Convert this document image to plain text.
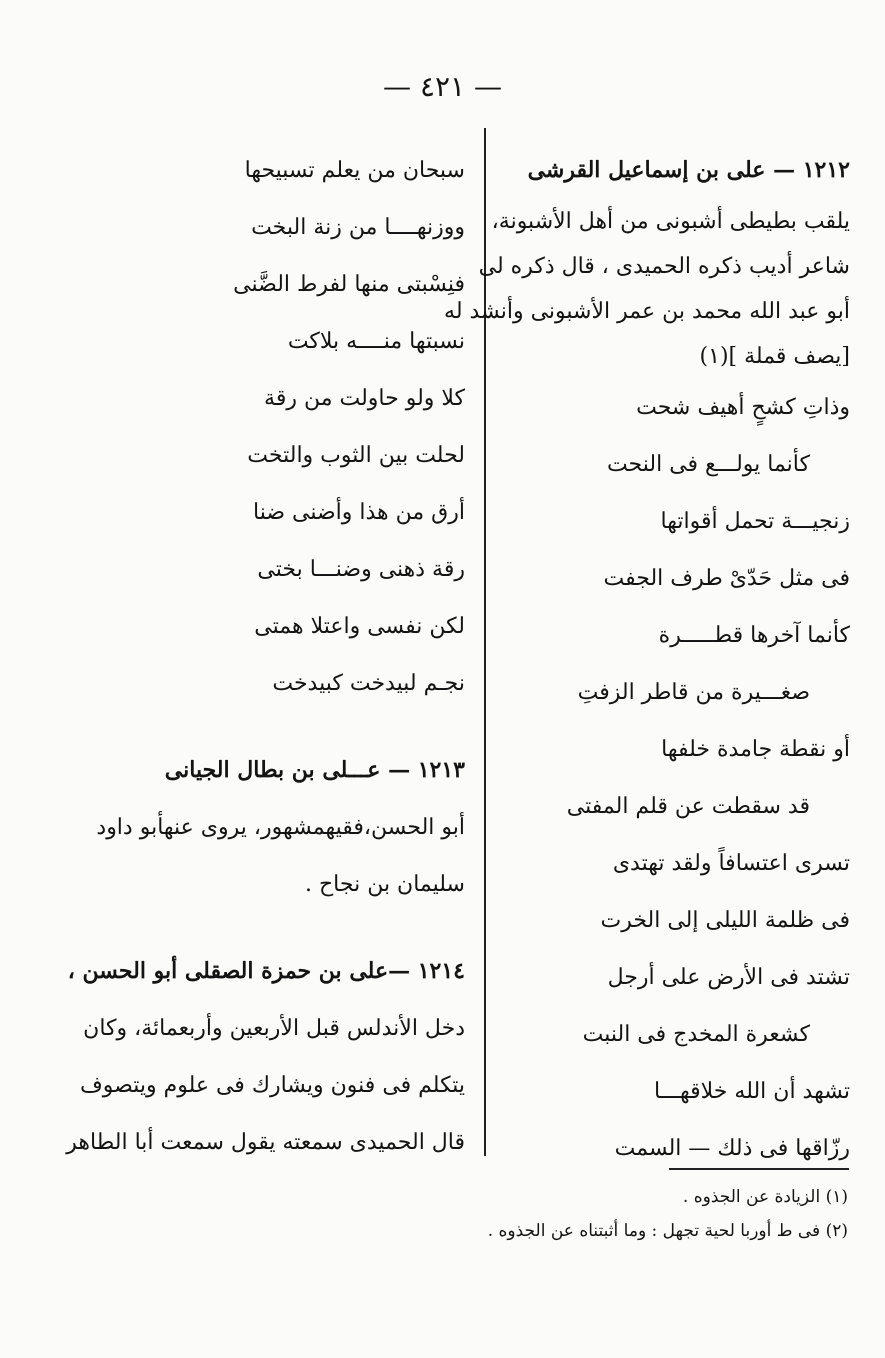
— ٤٢١ —
١٢١٢ — على بن إسماعيل القرشى
يلقب بطيطى أشبونى من أهل الأشبونة،
شاعر أديب ذكره الحميدى ، قال ذكره لى
أبو عبد الله محمد بن عمر الأشبونى وأنشد له
[يصف قملة ](١)
وذاتِ كشحٍ أهيف شحت
كأنما يولـــع فى النحت
زنجيـــة تحمل أقواتها
فى مثل حَدّىْ طرف الجفت
كأنما آخرها قطـــــرة
صغـــيرة من قاطر الزفتِ
أو نقطة جامدة خلفها
قد سقطت عن قلم المفتى
تسرى اعتسافاً ولقد تهتدى
فى ظلمة الليلى إلى الخرت
تشتد فى الأرض على أرجل
كشعرة المخدج فى النبت
تشهد أن الله خلاقهـــا
رزّاقها فى ذلك — السمت
سبحان من يعلم تسبيحها
ووزنهــــا من زنة البخت
فنِسْبتى منها لفرط الضَّنى
نسبتها منــــه بلاكت
كلا ولو حاولت من رقة
لحلت بين الثوب والتخت
أرق من هذا وأضنى ضنا
رقة ذهنى وضنـــا بختى
لكن نفسى واعتلا همتى
نجـم لبيدخت كبيدخت
١٢١٣ — عـــلى بن بطال الجيانى
أبو الحسن،فقيهمشهور، يروى عنهأبو داود
سليمان بن نجاح .
١٢١٤ —على بن حمزة الصقلى أبو الحسن ،
دخل الأندلس قبل الأربعين وأربعمائة، وكان
يتكلم فى فنون ويشارك فى علوم ويتصوف
قال الحميدى سمعته يقول سمعت أبا الطاهر
(١) الزيادة عن الجذوه .
(٢) فى ط أوربا لحية تجهل : وما أثبتناه عن الجذوه .
